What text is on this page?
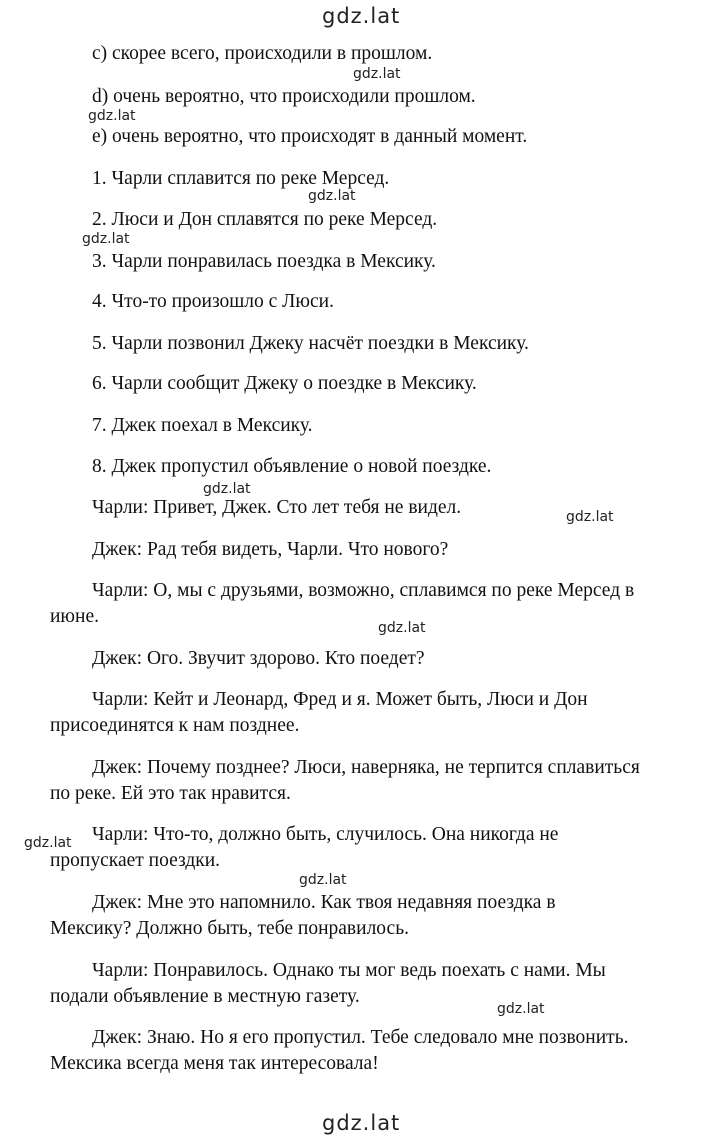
gdz.lat
gdz.lat
gdz.lat
gdz.lat
gdz.lat
gdz.lat
gdz.lat
gdz.lat
gdz.lat
gdz.lat
gdz.lat
gdz.lat

c) скорее всего, происходили в прошлом.

d) очень вероятно, что происходили прошлом.

e) очень вероятно, что происходят в данный момент.

1. Чарли сплавится по реке Мерсед.

2. Люси и Дон сплавятся по реке Мерсед.

3. Чарли понравилась поездка в Мексику.

4. Что-то произошло с Люси.

5. Чарли позвонил Джеку насчёт поездки в Мексику.

6. Чарли сообщит Джеку о поездке в Мексику.

7. Джек поехал в Мексику.

8. Джек пропустил объявление о новой поездке.

Чарли: Привет, Джек. Сто лет тебя не видел.

Джек: Рад тебя видеть, Чарли. Что нового?

Чарли: О, мы с друзьями, возможно, сплавимся по реке Мерсед в

июне.

Джек: Ого. Звучит здорово. Кто поедет?

Чарли: Кейт и Леонард, Фред и я. Может быть, Люси и Дон

присоединятся к нам позднее.

Джек: Почему позднее? Люси, наверняка, не терпится сплавиться

по реке. Ей это так нравится.

Чарли: Что-то, должно быть, случилось. Она никогда не

пропускает поездки.

Джек: Мне это напомнило. Как твоя недавняя поездка в

Мексику? Должно быть, тебе понравилось.

Чарли: Понравилось. Однако ты мог ведь поехать с нами. Мы

подали объявление в местную газету.

Джек: Знаю. Но я его пропустил. Тебе следовало мне позвонить.

Мексика всегда меня так интересовала!
